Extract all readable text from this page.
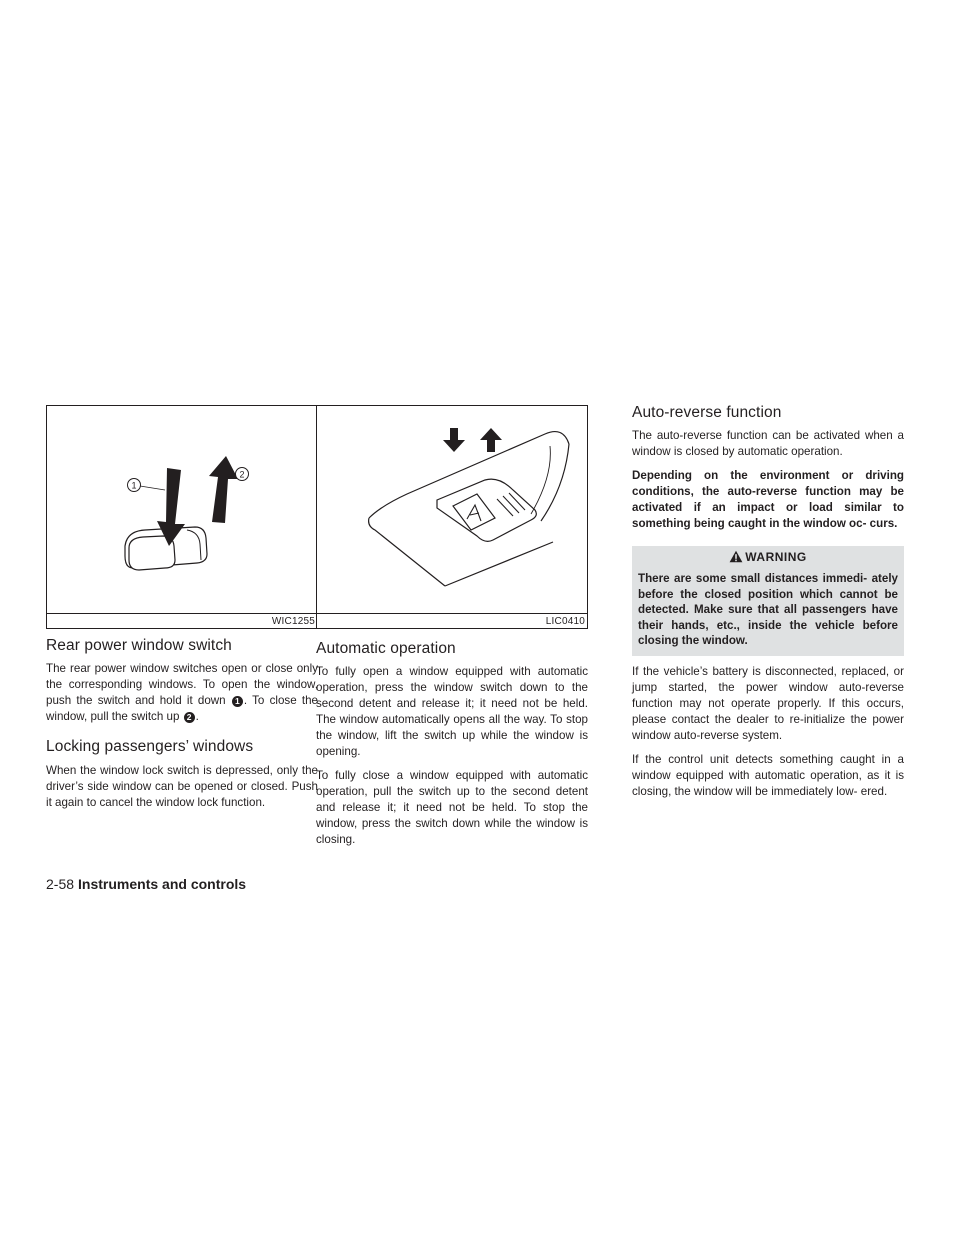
1
2
WIC1255
Rear power window switch

The rear power window switches open or close only the corresponding windows. To open the window, push the switch and hold it down 1 . To close the window, pull the switch up 2 .

Locking passengers’ windows

When the window lock switch is depressed, only the driver’s side window can be opened or closed. Push it again to cancel the window lock function.

LIC0410
Automatic operation

To fully open a window equipped with automatic operation, press the window switch down to the second detent and release it; it need not be held. The window automatically opens all the way. To stop the window, lift the switch up while the window is opening.

To fully close a window equipped with automatic operation, pull the switch up to the second detent and release it; it need not be held. To stop the window, press the switch down while the window is closing.

Auto-reverse function

The auto-reverse function can be activated when a window is closed by automatic operation.

Depending on the environment or driving conditions, the auto-reverse function may be activated if an impact or load similar to something being caught in the window oc- curs.

WARNING

There are some small distances immedi- ately before the closed position which cannot be detected. Make sure that all passengers have their hands, etc., inside the vehicle before closing the window.

If the vehicle’s battery is disconnected, replaced, or jump started, the power window auto-reverse function may not operate properly. If this occurs, please contact the dealer to re-initialize the power window auto-reverse system.

If the control unit detects something caught in a window equipped with automatic operation, as it is closing, the window will be immediately low- ered.

2-58 Instruments and controls
